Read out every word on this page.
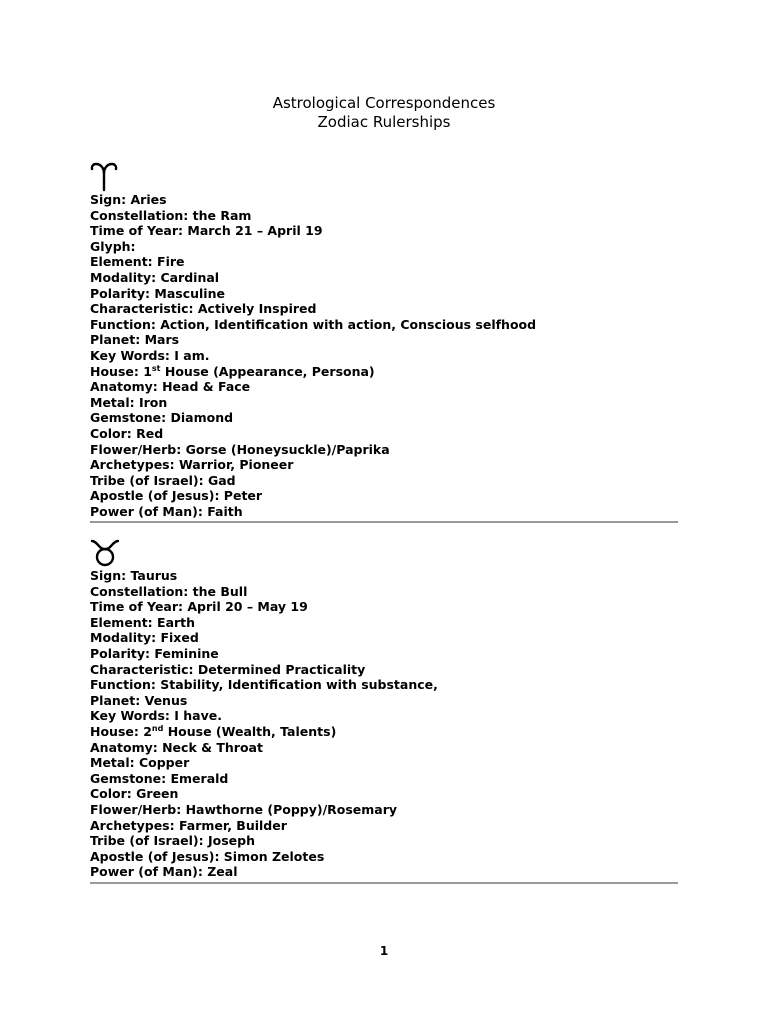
Astrological Correspondences
Zodiac Rulerships
Sign: Aries
Constellation: the Ram
Time of Year: March 21 – April 19
Glyph:
Element: Fire
Modality: Cardinal
Polarity: Masculine
Characteristic: Actively Inspired
Function: Action, Identification with action, Conscious selfhood
Planet: Mars
Key Words: I am.
House: 1st House (Appearance, Persona)
Anatomy: Head & Face
Metal: Iron
Gemstone: Diamond
Color: Red
Flower/Herb: Gorse (Honeysuckle)/Paprika
Archetypes: Warrior, Pioneer
Tribe (of Israel): Gad
Apostle (of Jesus): Peter
Power (of Man): Faith
Sign: Taurus
Constellation: the Bull
Time of Year: April 20 – May 19
Element: Earth
Modality: Fixed
Polarity: Feminine
Characteristic: Determined Practicality
Function: Stability, Identification with substance,
Planet: Venus
Key Words: I have.
House: 2nd House (Wealth, Talents)
Anatomy: Neck & Throat
Metal: Copper
Gemstone: Emerald
Color: Green
Flower/Herb: Hawthorne (Poppy)/Rosemary
Archetypes: Farmer, Builder
Tribe (of Israel): Joseph
Apostle (of Jesus): Simon Zelotes
Power (of Man): Zeal
1
